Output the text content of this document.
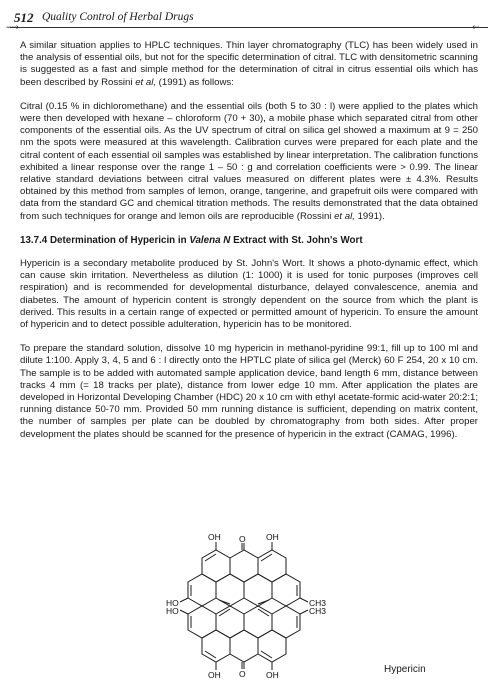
512 Quality Control of Herbal Drugs
⟿	⇜

A similar situation applies to HPLC techniques. Thin layer chromatography (TLC) has been widely used in the analysis of essential oils, but not for the specific determination of citral. TLC with densitometric scanning is suggested as a fast and simple method for the determination of citral in citrus essential oils which has been described by Rossini et al, (1991) as follows:

Citral (0.15 % in dichloromethane) and the essential oils (both 5 to 30 : l) were applied to the plates which were then developed with hexane – chloroform (70 + 30), a mobile phase which separated citral from other components of the essential oils. As the UV spectrum of citral on silica gel showed a maximum at 9 = 250 nm the spots were measured at this wavelength. Calibration curves were prepared for each plate and the citral content of each essential oil samples was established by linear interpretation. The calibration functions exhibited a linear response over the range 1 – 50 : g and correlation coefficients were > 0.99. The linear relative standard deviations between citral values measured on different plates were ± 4.3%. Results obtained by this method from samples of lemon, orange, tangerine, and grapefruit oils were compared with data from the standard GC and chemical titration methods. The results demonstrated that the data obtained from such techniques for orange and lemon oils are reproducible (Rossini et al, 1991).

13.7.4 Determination of Hypericin in Valena N Extract with St. John's Wort

Hypericin is a secondary metabolite produced by St. John's Wort. It shows a photo-dynamic effect, which can cause skin irritation. Nevertheless as dilution (1: 1000) it is used for tonic purposes (improves cell respiration) and is recommended for developmental disturbance, delayed convalescence, anemia and diabetes. The amount of hypericin content is strongly dependent on the source from which the plant is derived. This results in a certain range of expected or permitted amount of hypericin. To ensure the amount of hypericin and to detect possible adulteration, hypericin has to be monitored.

To prepare the standard solution, dissolve 10 mg hypericin in methanol-pyridine 99:1, fill up to 100 ml and dilute 1:100. Apply 3, 4, 5 and 6 : l directly onto the HPTLC plate of silica gel (Merck) 60 F 254, 20 x 10 cm. The sample is to be added with automated sample application device, band length 6 mm, distance between tracks 4 mm (= 18 tracks per plate), distance from lower edge 10 mm. After application the plates are developed in Horizontal Developing Chamber (HDC) 20 x 10 cm with ethyl acetate-formic acid-water 20:2:1; running distance 50-70 mm. Provided 50 mm running distance is sufficient, depending on matrix content, the number of samples per plate can be doubled by chromatography from both sides. After proper development the plates should be scanned for the presence of hypericin in the extract (CAMAG, 1996).

OH O OH
HO	CH3
HO	CH3
OH O OH	Hypericin
